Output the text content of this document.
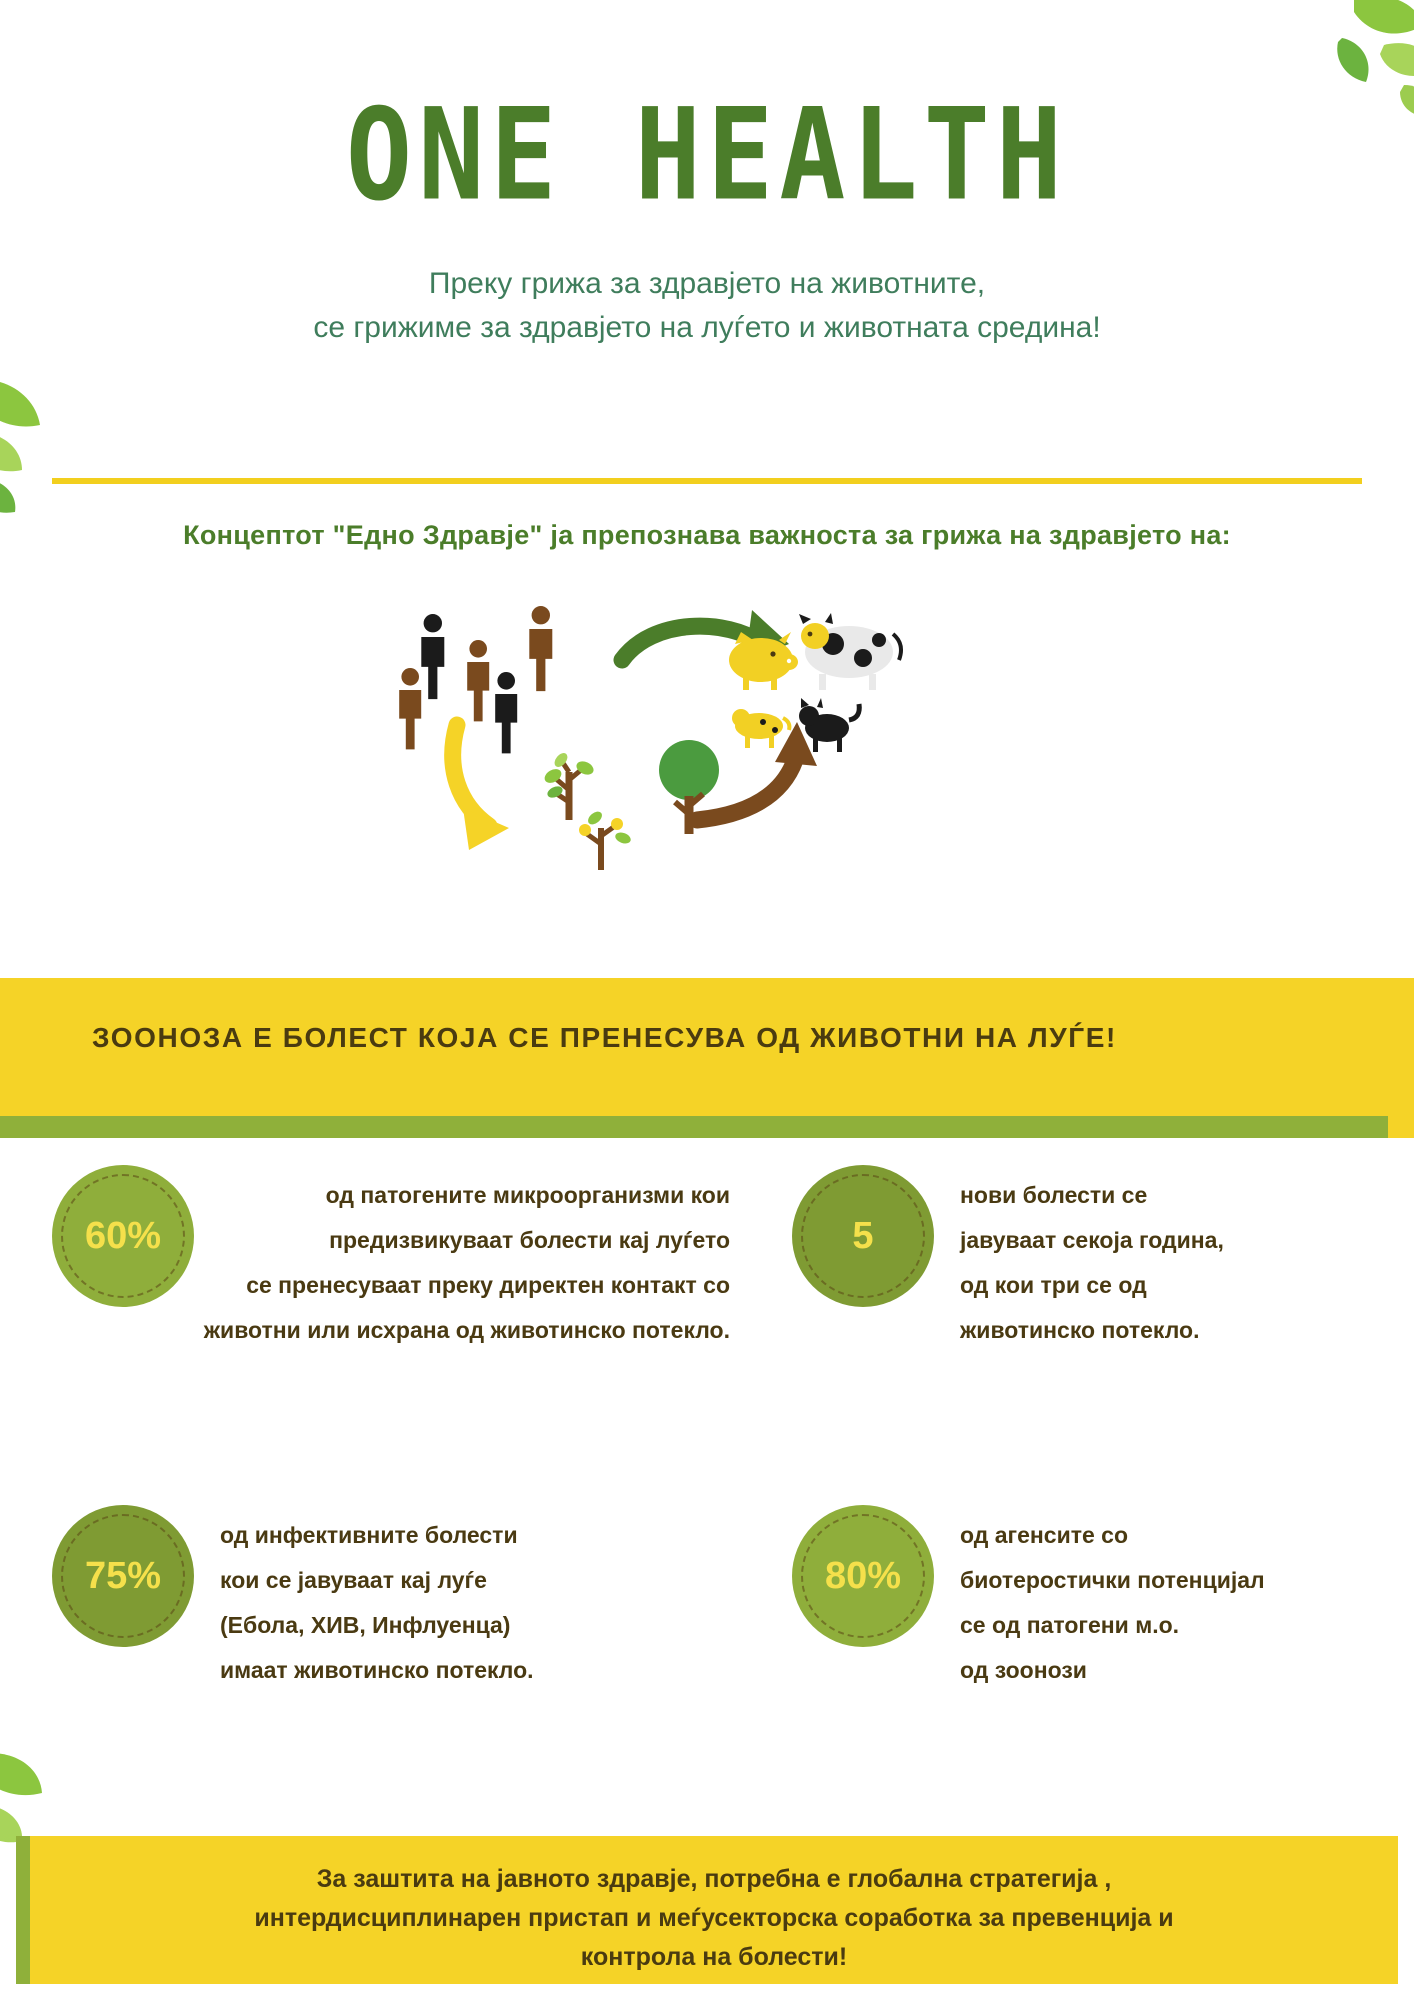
ONE HEALTH
Преку грижа за здравјето на животните,
се грижиме за здравјето на луѓето и животната средина!
Концептот "Едно Здравје" ја препознава важноста за грижа на здравјето на:
ЗООНОЗА Е БОЛЕСТ КОЈА СЕ ПРЕНЕСУВА ОД ЖИВОТНИ НА ЛУЃЕ!
60%
од патогените микроорганизми кои
предизвикуваат болести кај луѓето
се пренесуваат преку директен контакт со
животни или исхрана од животинско потекло.
5
нови болести се
јавуваат секоја година,
од кои три се од
животинско потекло.
75%
од инфективните болести
кои се јавуваат кај луѓе
(Ебола, ХИВ, Инфлуенца)
имаат животинско потекло.
80%
од агенсите со
биотеростички потенцијал
се од патогени м.о.
од зоонози
За заштита на јавното здравје, потребна е глобална стратегија ,
интердисциплинарен пристап и меѓусекторска соработка за превенција и
контрола на болести!
